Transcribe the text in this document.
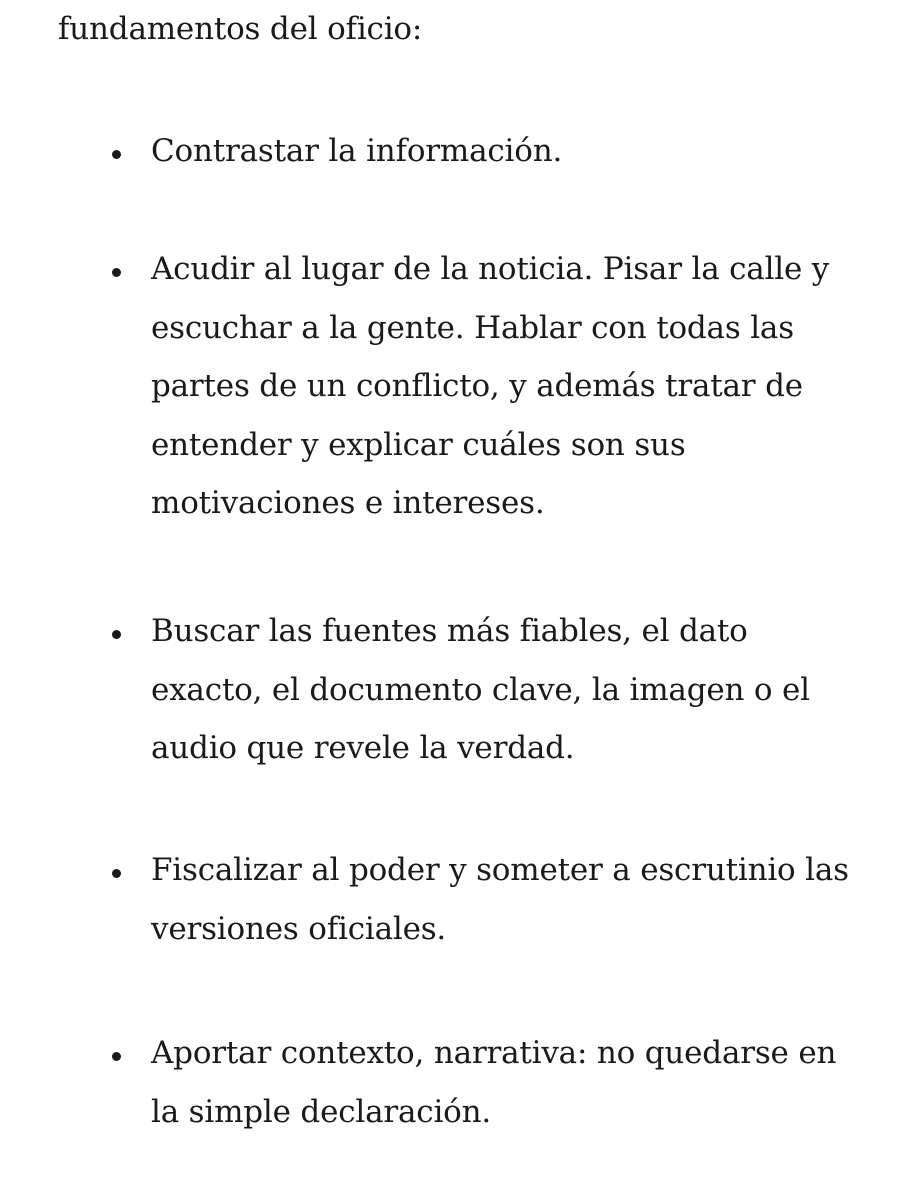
fundamentos del oficio:

Contrastar la información.

Acudir al lugar de la noticia. Pisar la calle y escuchar a la gente. Hablar con todas las partes de un conflicto, y además tratar de entender y explicar cuáles son sus motivaciones e intereses.

Buscar las fuentes más fiables, el dato exacto, el documento clave, la imagen o el audio que revele la verdad.

Fiscalizar al poder y someter a escrutinio las versiones oficiales.

Aportar contexto, narrativa: no quedarse en la simple declaración.
